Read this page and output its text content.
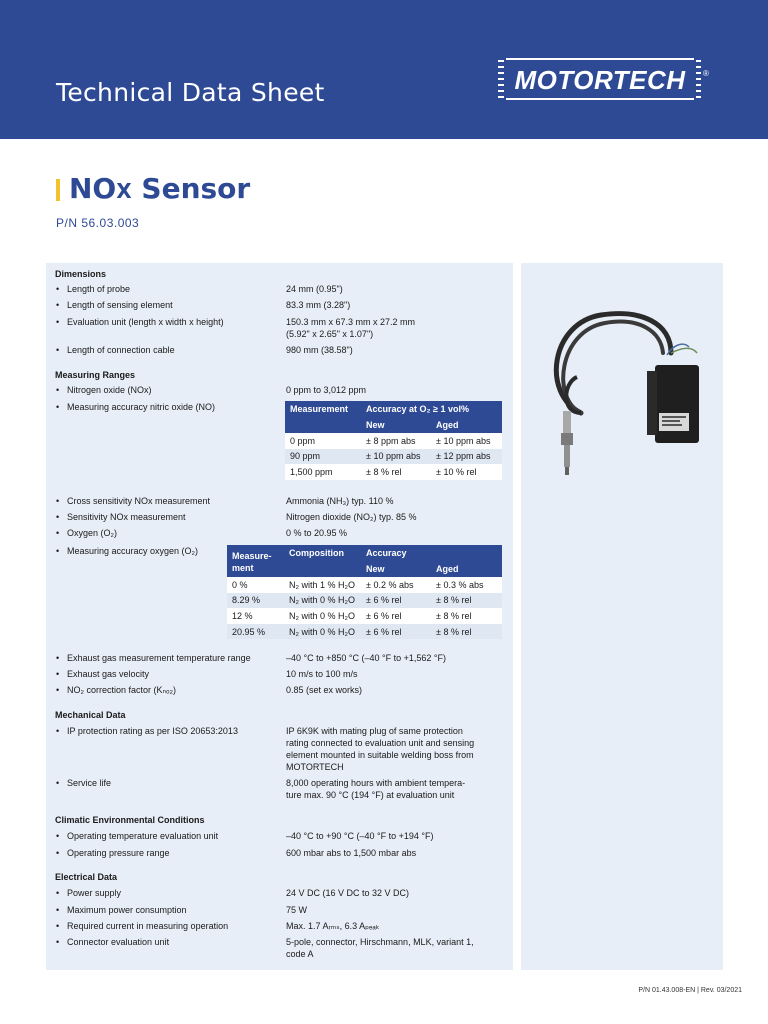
Technical Data Sheet	MOTORTECH ®
NOX Sensor
P/N 56.03.003
Dimensions
• Length of probe	24 mm (0.95")
• Length of sensing element	83.3 mm (3.28")
• Evaluation unit (length x width x height)	150.3 mm x 67.3 mm x 27.2 mm
(5.92" x 2.65" x 1.07")
• Length of connection cable	980 mm (38.58")
Measuring Ranges
• Nitrogen oxide (NOx)	0 ppm to 3,012 ppm
• Measuring accuracy nitric oxide (NO)	Measurement	Accuracy at O₂ ≥ 1 vol%	
	New	Aged
0 ppm	± 8 ppm abs	± 10 ppm abs
90 ppm	± 10 ppm abs	± 12 ppm abs
1,500 ppm	± 8 % rel	± 10 % rel
• Cross sensitivity NOx measurement	Ammonia (NH₃) typ. 110 %
• Sensitivity NOx measurement	Nitrogen dioxide (NO₂) typ. 85 %
• Oxygen (O₂)	0 % to 20.95 %
• Measuring accuracy oxygen (O₂)	Measure-
ment	Composition	Accuracy	
		New	Aged
0 %	N₂ with 1 % H₂O	± 0.2 % abs	± 0.3 % abs
8.29 %	N₂ with 0 % H₂O	± 6 % rel	± 8 % rel
12 %	N₂ with 0 % H₂O	± 6 % rel	± 8 % rel
20.95 %	N₂ with 0 % H₂O	± 6 % rel	± 8 % rel
• Exhaust gas measurement temperature range	–40 °C to +850 °C (–40 °F to +1,562 °F)
• Exhaust gas velocity	10 m/s to 100 m/s
• NO₂ correction factor (Kₙₒ₂)	0.85 (set ex works)
Mechanical Data
• IP protection rating as per ISO 20653:2013	IP 6K9K with mating plug of same protection
rating connected to evaluation unit and sensing
element mounted in suitable welding boss from
MOTORTECH
• Service life	8,000 operating hours with ambient tempera-
ture max. 90 °C (194 °F) at evaluation unit
Climatic Environmental Conditions
• Operating temperature evaluation unit	–40 °C to +90 °C (–40 °F to +194 °F)
• Operating pressure range	600 mbar abs to 1,500 mbar abs
Electrical Data
• Power supply	24 V DC (16 V DC to 32 V DC)
• Maximum power consumption	75 W
• Required current in measuring operation	Max. 1.7 Aᵣₘₛ, 6.3 Aₚₑₐₖ
• Connector evaluation unit	5-pole, connector, Hirschmann, MLK, variant 1,
code A
P/N 01.43.008-EN | Rev. 03/2021
